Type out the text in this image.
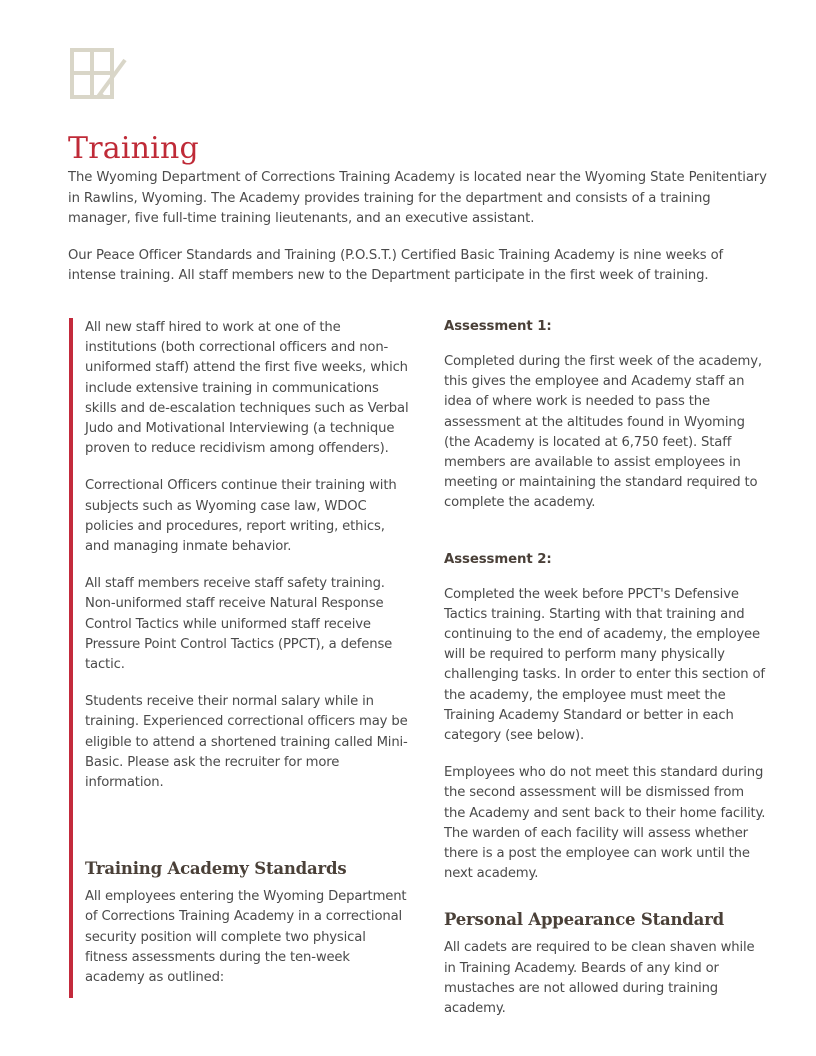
Training

The Wyoming Department of Corrections Training Academy is located near the Wyoming State Penitentiary in Rawlins, Wyoming. The Academy provides training for the department and consists of a training manager, five full-time training lieutenants, and an executive assistant.

Our Peace Officer Standards and Training (P.O.S.T.) Certified Basic Training Academy is nine weeks of intense training. All staff members new to the Department participate in the first week of training.

All new staff hired to work at one of the institutions (both correctional officers and non-uniformed staff) attend the first five weeks, which include extensive training in communications skills and de-escalation techniques such as Verbal Judo and Motivational Interviewing (a technique proven to reduce recidivism among offenders).

Correctional Officers continue their training with subjects such as Wyoming case law, WDOC policies and procedures, report writing, ethics, and managing inmate behavior.

All staff members receive staff safety training. Non-uniformed staff receive Natural Response Control Tactics while uniformed staff receive Pressure Point Control Tactics (PPCT), a defense tactic.

Students receive their normal salary while in training. Experienced correctional officers may be eligible to attend a shortened training called Mini-Basic. Please ask the recruiter for more information.

Training Academy Standards

All employees entering the Wyoming Department of Corrections Training Academy in a correctional security position will complete two physical fitness assessments during the ten-week academy as outlined:

Assessment 1:

Completed during the first week of the academy, this gives the employee and Academy staff an idea of where work is needed to pass the assessment at the altitudes found in Wyoming (the Academy is located at 6,750 feet). Staff members are available to assist employees in meeting or maintaining the standard required to complete the academy.

Assessment 2:

Completed the week before PPCT's Defensive Tactics training. Starting with that training and continuing to the end of academy, the employee will be required to perform many physically challenging tasks. In order to enter this section of the academy, the employee must meet the Training Academy Standard or better in each category (see below).

Employees who do not meet this standard during the second assessment will be dismissed from the Academy and sent back to their home facility. The warden of each facility will assess whether there is a post the employee can work until the next academy.

Personal Appearance Standard

All cadets are required to be clean shaven while in Training Academy. Beards of any kind or mustaches are not allowed during training academy.
